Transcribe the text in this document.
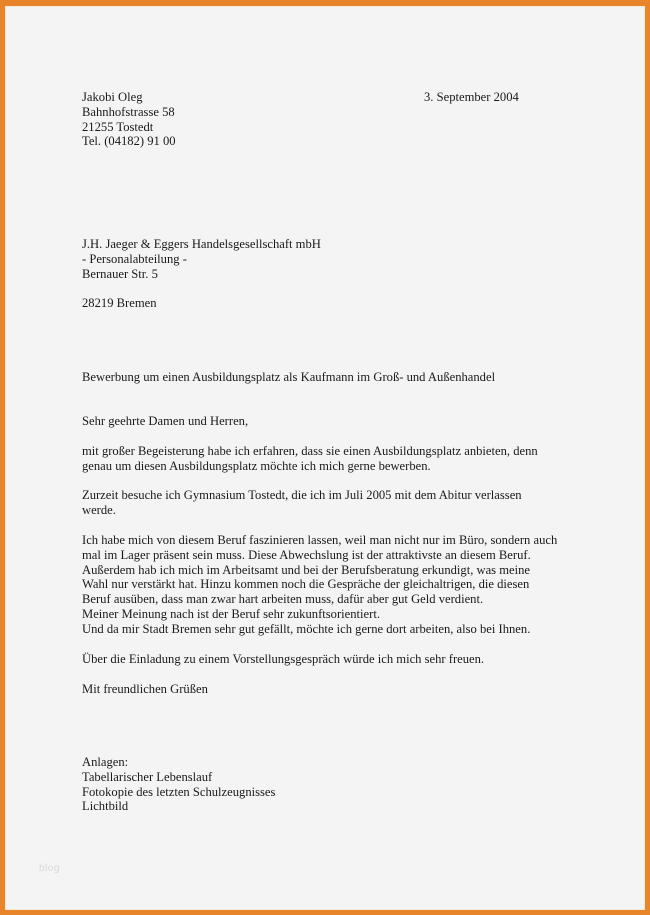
Jakobi Oleg
Bahnhofstrasse 58
21255 Tostedt
Tel. (04182) 91 00
3. September 2004
J.H. Jaeger & Eggers Handelsgesellschaft mbH
- Personalabteilung -
Bernauer Str. 5
28219 Bremen
Bewerbung um einen Ausbildungsplatz als Kaufmann im Groß- und Außenhandel
Sehr geehrte Damen und Herren,
mit großer Begeisterung habe ich erfahren, dass sie einen Ausbildungsplatz anbieten, denn
genau um diesen Ausbildungsplatz möchte ich mich gerne bewerben.
Zurzeit besuche ich Gymnasium Tostedt, die ich im Juli 2005 mit dem Abitur verlassen
werde.
Ich habe mich von diesem Beruf faszinieren lassen, weil man nicht nur im Büro, sondern auch
mal im Lager präsent sein muss. Diese Abwechslung ist der attraktivste an diesem Beruf.
Außerdem hab ich mich im Arbeitsamt und bei der Berufsberatung erkundigt, was meine
Wahl nur verstärkt hat. Hinzu kommen noch die Gespräche der gleichaltrigen, die diesen
Beruf ausüben, dass man zwar hart arbeiten muss, dafür aber gut Geld verdient.
Meiner Meinung nach ist der Beruf sehr zukunftsorientiert.
Und da mir Stadt Bremen sehr gut gefällt, möchte ich gerne dort arbeiten, also bei Ihnen.
Über die Einladung zu einem Vorstellungsgespräch würde ich mich sehr freuen.
Mit freundlichen Grüßen
Anlagen:
Tabellarischer Lebenslauf
Fotokopie des letzten Schulzeugnisses
Lichtbild
blog
